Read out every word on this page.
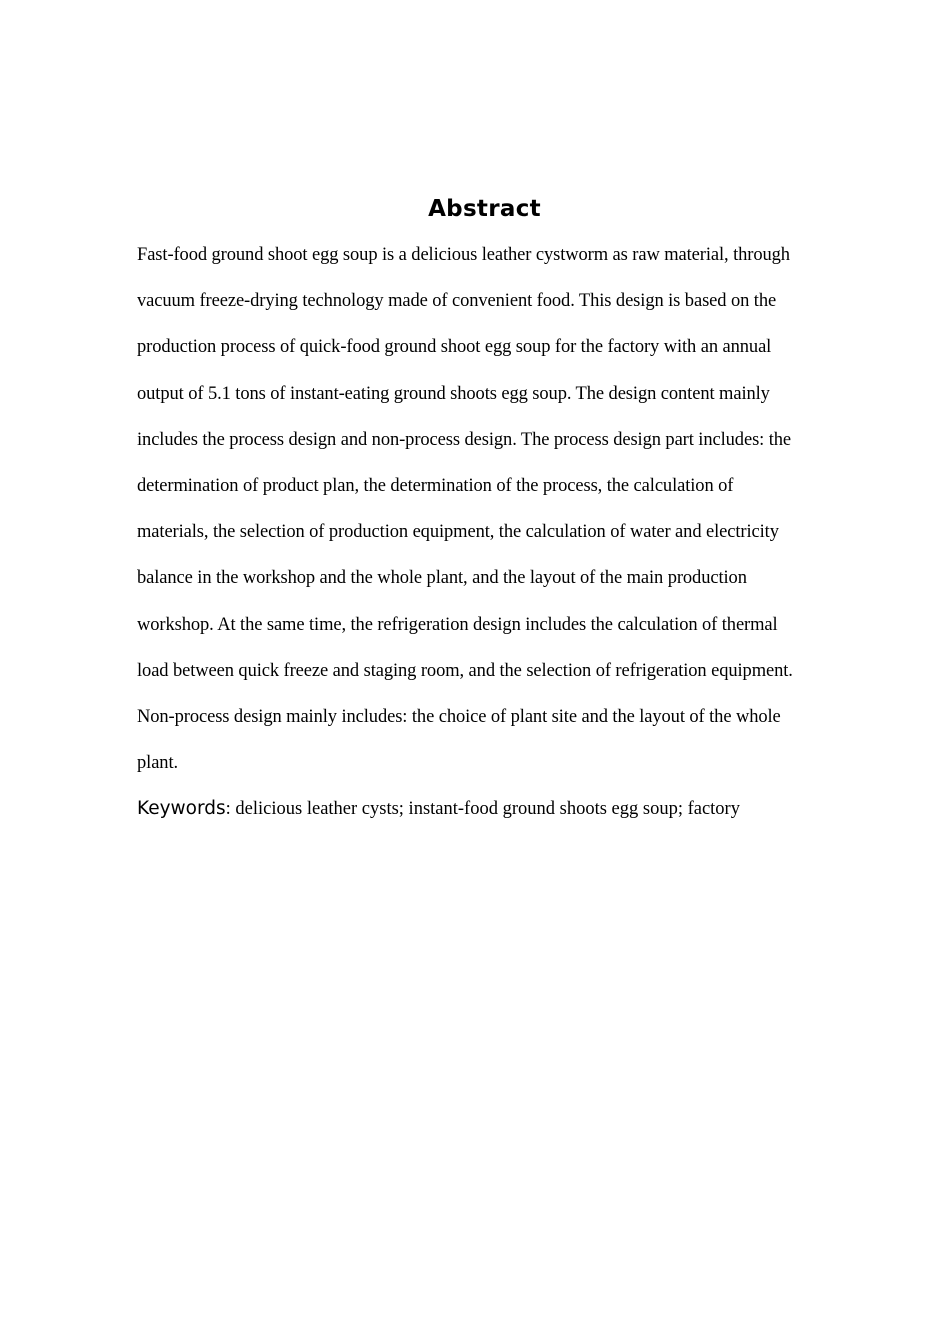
Abstract

Fast-food ground shoot egg soup is a delicious leather cystworm as raw material, through
vacuum freeze-drying technology made of convenient food. This design is based on the
production process of quick-food ground shoot egg soup for the factory with an annual
output of 5.1 tons of instant-eating ground shoots egg soup. The design content mainly
includes the process design and non-process design. The process design part includes: the
determination of product plan, the determination of the process, the calculation of
materials, the selection of production equipment, the calculation of water and electricity
balance in the workshop and the whole plant, and the layout of the main production
workshop. At the same time, the refrigeration design includes the calculation of thermal
load between quick freeze and staging room, and the selection of refrigeration equipment.
Non-process design mainly includes: the choice of plant site and the layout of the whole
plant.

Keywords: delicious leather cysts; instant-food ground shoots egg soup; factory
